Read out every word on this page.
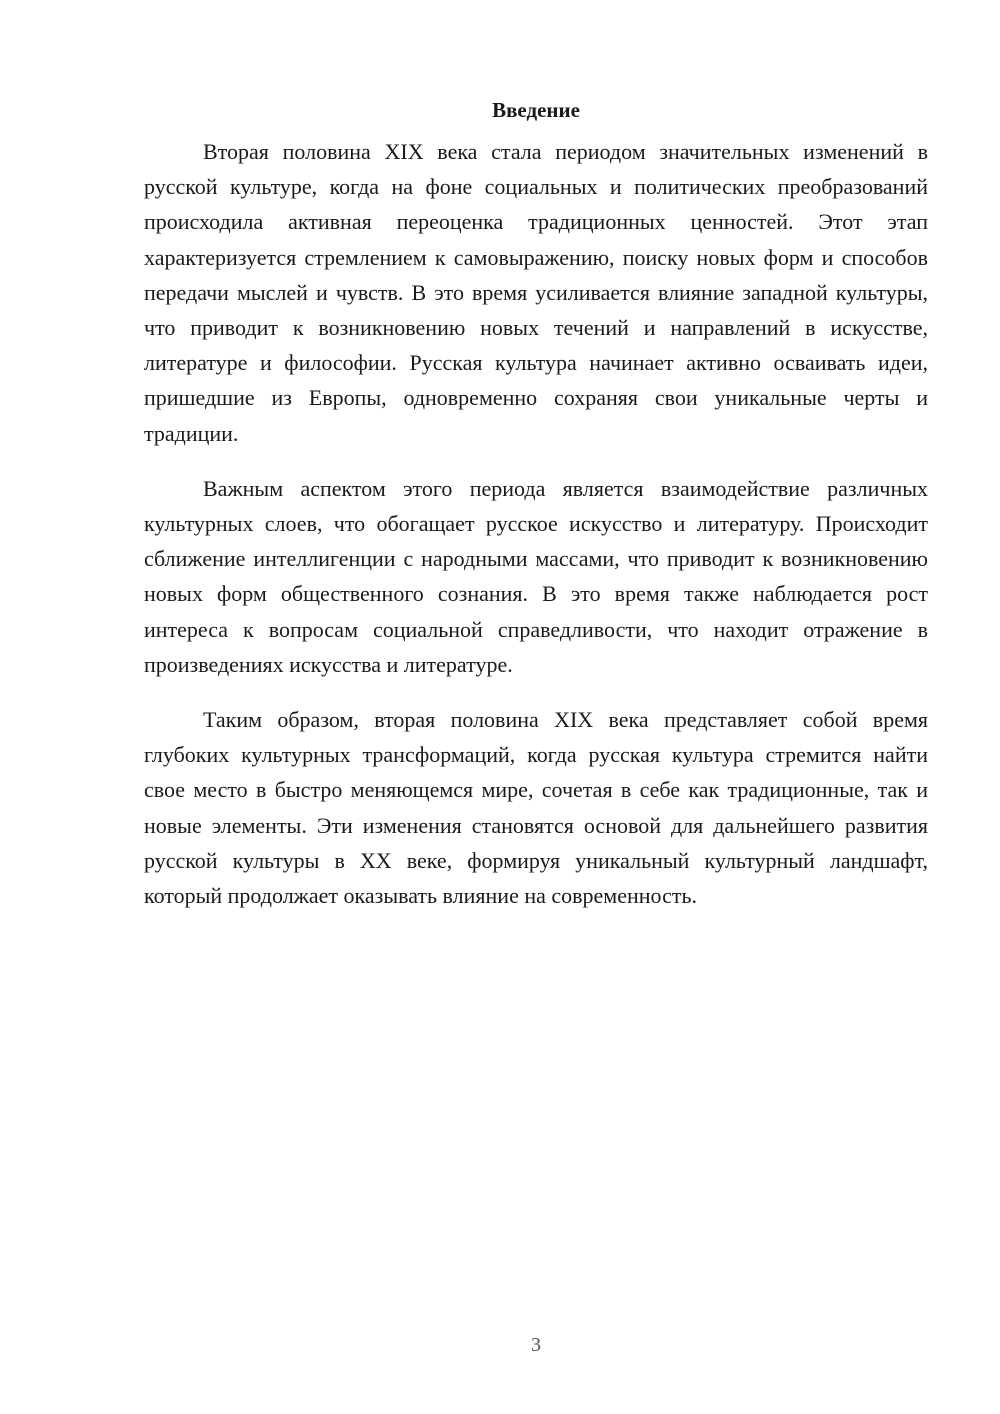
Введение

Вторая половина XIX века стала периодом значительных изменений в русской культуре, когда на фоне социальных и политических преобразований происходила активная переоценка традиционных ценностей. Этот этап характеризуется стремлением к самовыражению, поиску новых форм и способов передачи мыслей и чувств. В это время усиливается влияние западной культуры, что приводит к возникновению новых течений и направлений в искусстве, литературе и философии. Русская культура начинает активно осваивать идеи, пришедшие из Европы, одновременно сохраняя свои уникальные черты и традиции.

Важным аспектом этого периода является взаимодействие различных культурных слоев, что обогащает русское искусство и литературу. Происходит сближение интеллигенции с народными массами, что приводит к возникновению новых форм общественного сознания. В это время также наблюдается рост интереса к вопросам социальной справедливости, что находит отражение в произведениях искусства и литературе.

Таким образом, вторая половина XIX века представляет собой время глубоких культурных трансформаций, когда русская культура стремится найти свое место в быстро меняющемся мире, сочетая в себе как традиционные, так и новые элементы. Эти изменения становятся основой для дальнейшего развития русской культуры в XX веке, формируя уникальный культурный ландшафт, который продолжает оказывать влияние на современность.

3
